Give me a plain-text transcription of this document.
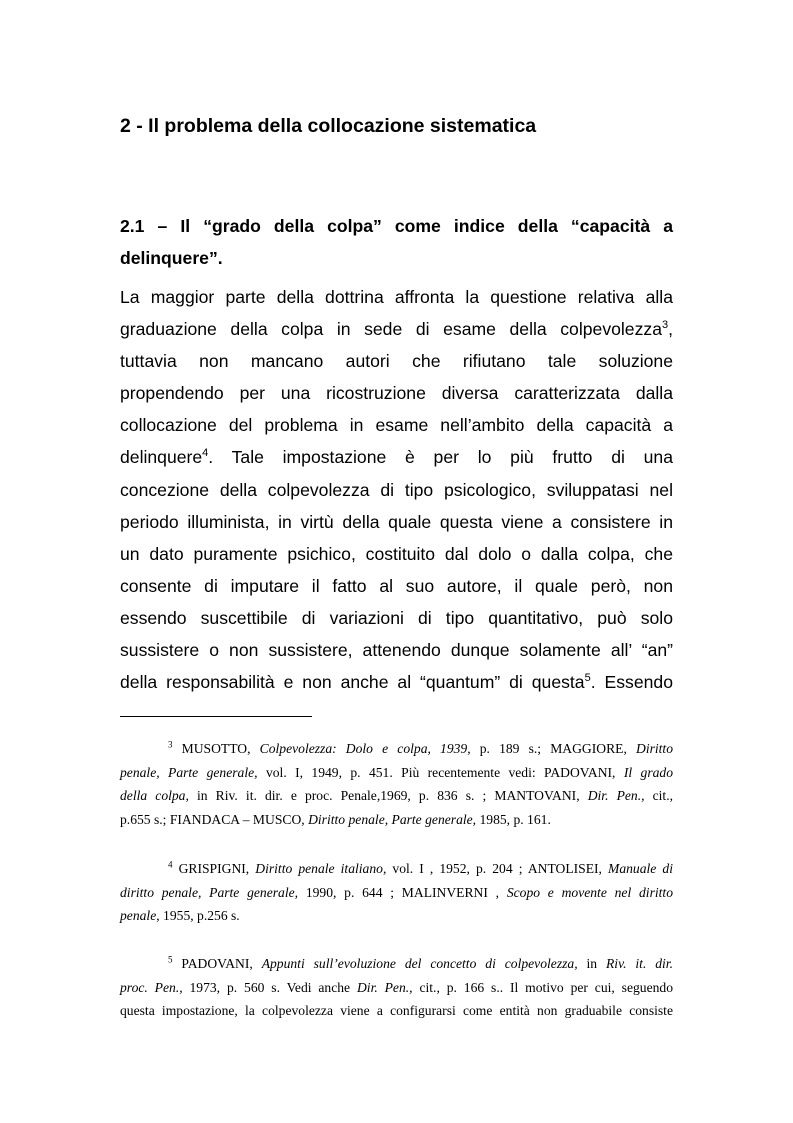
2 - Il problema della collocazione sistematica
2.1 – Il “grado della colpa” come indice della “capacità a
delinquere”.
La maggior parte della dottrina affronta la questione relativa alla
graduazione della colpa in sede di esame della colpevolezza$^3$,
tuttavia non mancano autori che rifiutano tale soluzione
propendendo per una ricostruzione diversa caratterizzata dalla
collocazione del problema in esame nell’ambito della capacità a
delinquere$^4$. Tale impostazione è per lo più frutto di una
concezione della colpevolezza di tipo psicologico, sviluppatasi nel
periodo illuminista, in virtù della quale questa viene a consistere in
un dato puramente psichico, costituito dal dolo o dalla colpa, che
consente di imputare il fatto al suo autore, il quale però, non
essendo suscettibile di variazioni di tipo quantitativo, può solo
sussistere o non sussistere, attenendo dunque solamente all’ “an”
della responsabilità e non anche al “quantum” di questa$^5$. Essendo
$^3$ MUSOTTO, Colpevolezza: Dolo e colpa, 1939, p. 189 s.; MAGGIORE, Diritto
penale, Parte generale, vol. I, 1949, p. 451. Più recentemente vedi: PADOVANI, Il grado
della colpa, in Riv. it. dir. e proc. Penale,1969, p. 836 s. ; MANTOVANI, Dir. Pen., cit.,
p.655 s.; FIANDACA – MUSCO, Diritto penale, Parte generale, 1985, p. 161.
$^4$ GRISPIGNI, Diritto penale italiano, vol. I , 1952, p. 204 ; ANTOLISEI, Manuale di
diritto penale, Parte generale, 1990, p. 644 ; MALINVERNI , Scopo e movente nel diritto
penale, 1955, p.256 s.
$^5$ PADOVANI, Appunti sull’evoluzione del concetto di colpevolezza, in Riv. it. dir.
proc. Pen., 1973, p. 560 s. Vedi anche Dir. Pen., cit., p. 166 s.. Il motivo per cui, seguendo
questa impostazione, la colpevolezza viene a configurarsi come entità non graduabile consiste
